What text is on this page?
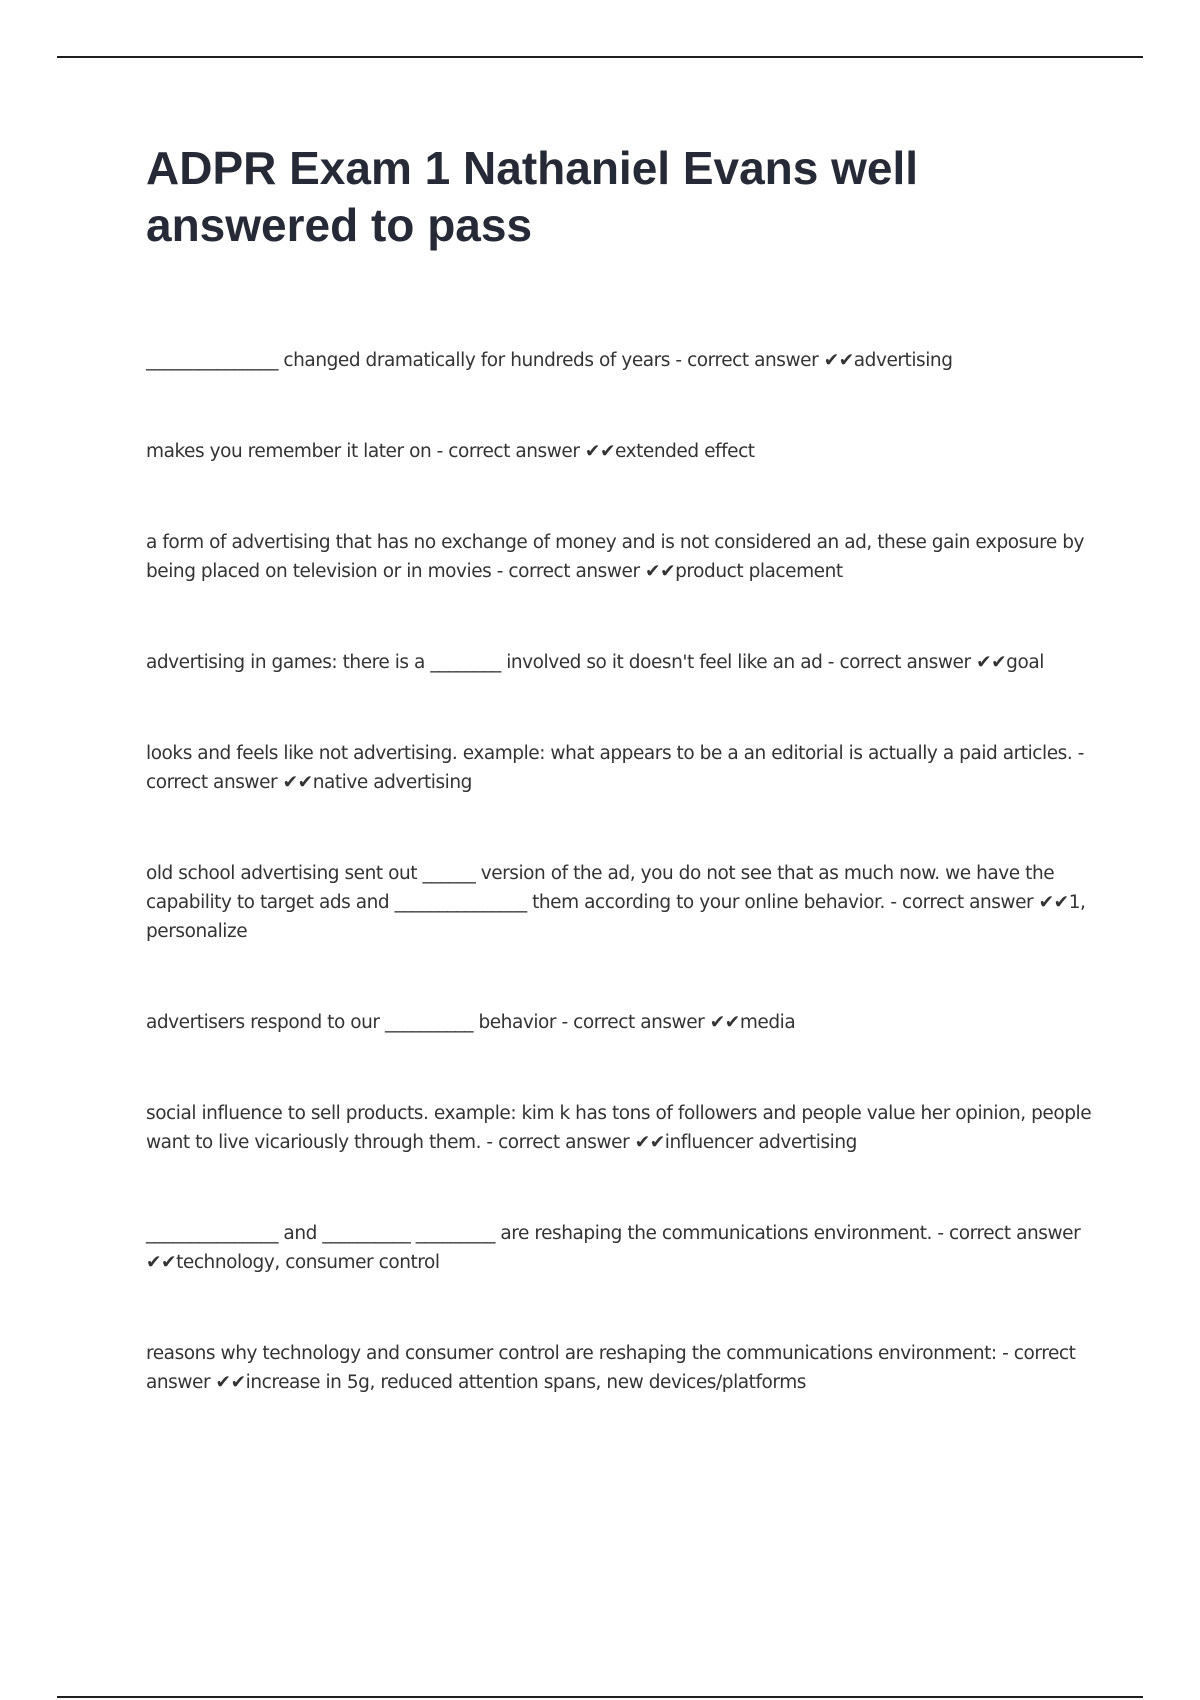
ADPR Exam 1 Nathaniel Evans well answered to pass

_______________ changed dramatically for hundreds of years - correct answer ✔✔advertising

makes you remember it later on - correct answer ✔✔extended effect

a form of advertising that has no exchange of money and is not considered an ad, these gain exposure by being placed on television or in movies - correct answer ✔✔product placement

advertising in games: there is a ________ involved so it doesn't feel like an ad - correct answer ✔✔goal

looks and feels like not advertising. example: what appears to be a an editorial is actually a paid articles. - correct answer ✔✔native advertising

old school advertising sent out ______ version of the ad, you do not see that as much now. we have the capability to target ads and _______________ them according to your online behavior. - correct answer ✔✔1, personalize

advertisers respond to our __________ behavior - correct answer ✔✔media

social influence to sell products. example: kim k has tons of followers and people value her opinion, people want to live vicariously through them. - correct answer ✔✔influencer advertising

_______________ and __________ _________ are reshaping the communications environment. - correct answer ✔✔technology, consumer control

reasons why technology and consumer control are reshaping the communications environment: - correct answer ✔✔increase in 5g, reduced attention spans, new devices/platforms
